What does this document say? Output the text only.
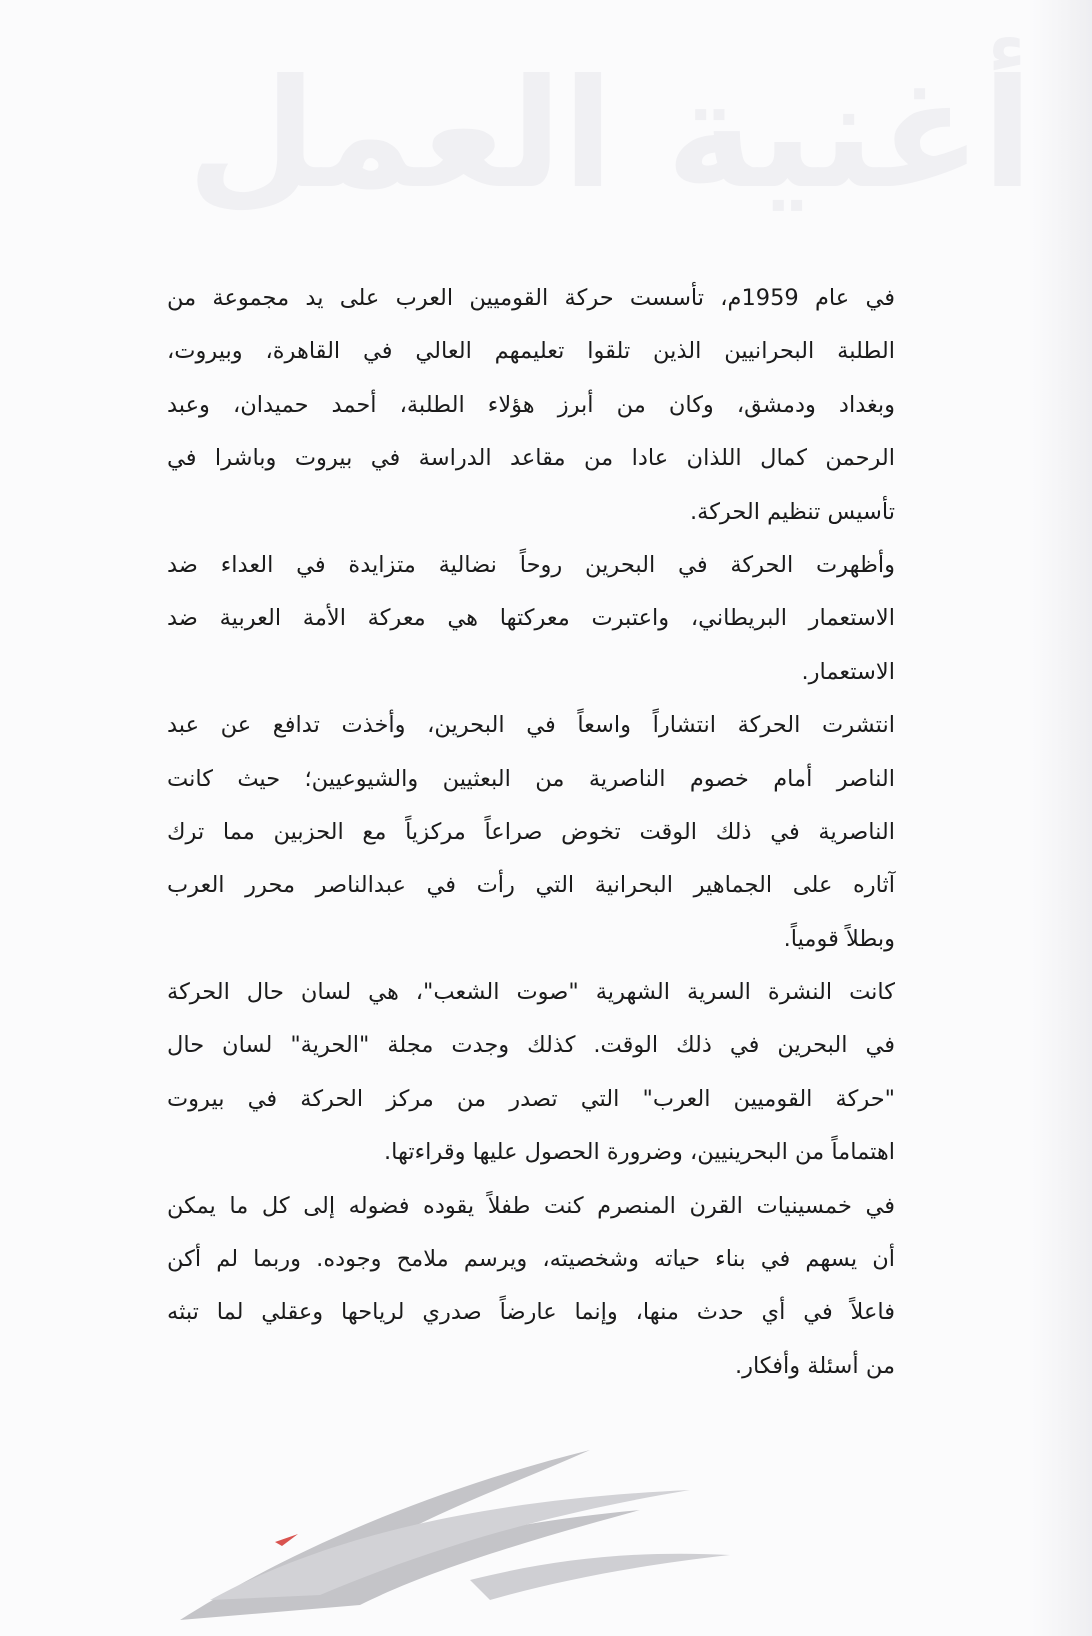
أغنية العمل
في عام 1959م، تأسست حركة القوميين العرب على يد مجموعة من
الطلبة البحرانيين الذين تلقوا تعليمهم العالي في القاهرة، وبيروت،
وبغداد ودمشق، وكان من أبرز هؤلاء الطلبة، أحمد حميدان، وعبد
الرحمن كمال اللذان عادا من مقاعد الدراسة في بيروت وباشرا في
تأسيس تنظيم الحركة.
وأظهرت الحركة في البحرين روحاً نضالية متزايدة في العداء ضد
الاستعمار البريطاني، واعتبرت معركتها هي معركة الأمة العربية ضد
الاستعمار.
انتشرت الحركة انتشاراً واسعاً في البحرين، وأخذت تدافع عن عبد
الناصر أمام خصوم الناصرية من البعثيين والشيوعيين؛ حيث كانت
الناصرية في ذلك الوقت تخوض صراعاً مركزياً مع الحزبين مما ترك
آثاره على الجماهير البحرانية التي رأت في عبدالناصر محرر العرب
وبطلاً قومياً.
كانت النشرة السرية الشهرية "صوت الشعب"، هي لسان حال الحركة
في البحرين في ذلك الوقت. كذلك وجدت مجلة "الحرية" لسان حال
"حركة القوميين العرب" التي تصدر من مركز الحركة في بيروت
اهتماماً من البحرينيين، وضرورة الحصول عليها وقراءتها.
في خمسينيات القرن المنصرم كنت طفلاً يقوده فضوله إلى كل ما يمكن
أن يسهم في بناء حياته وشخصيته، ويرسم ملامح وجوده. وربما لم أكن
فاعلاً في أي حدث منها، وإنما عارضاً صدري لرياحها وعقلي لما تبثه
من أسئلة وأفكار.
